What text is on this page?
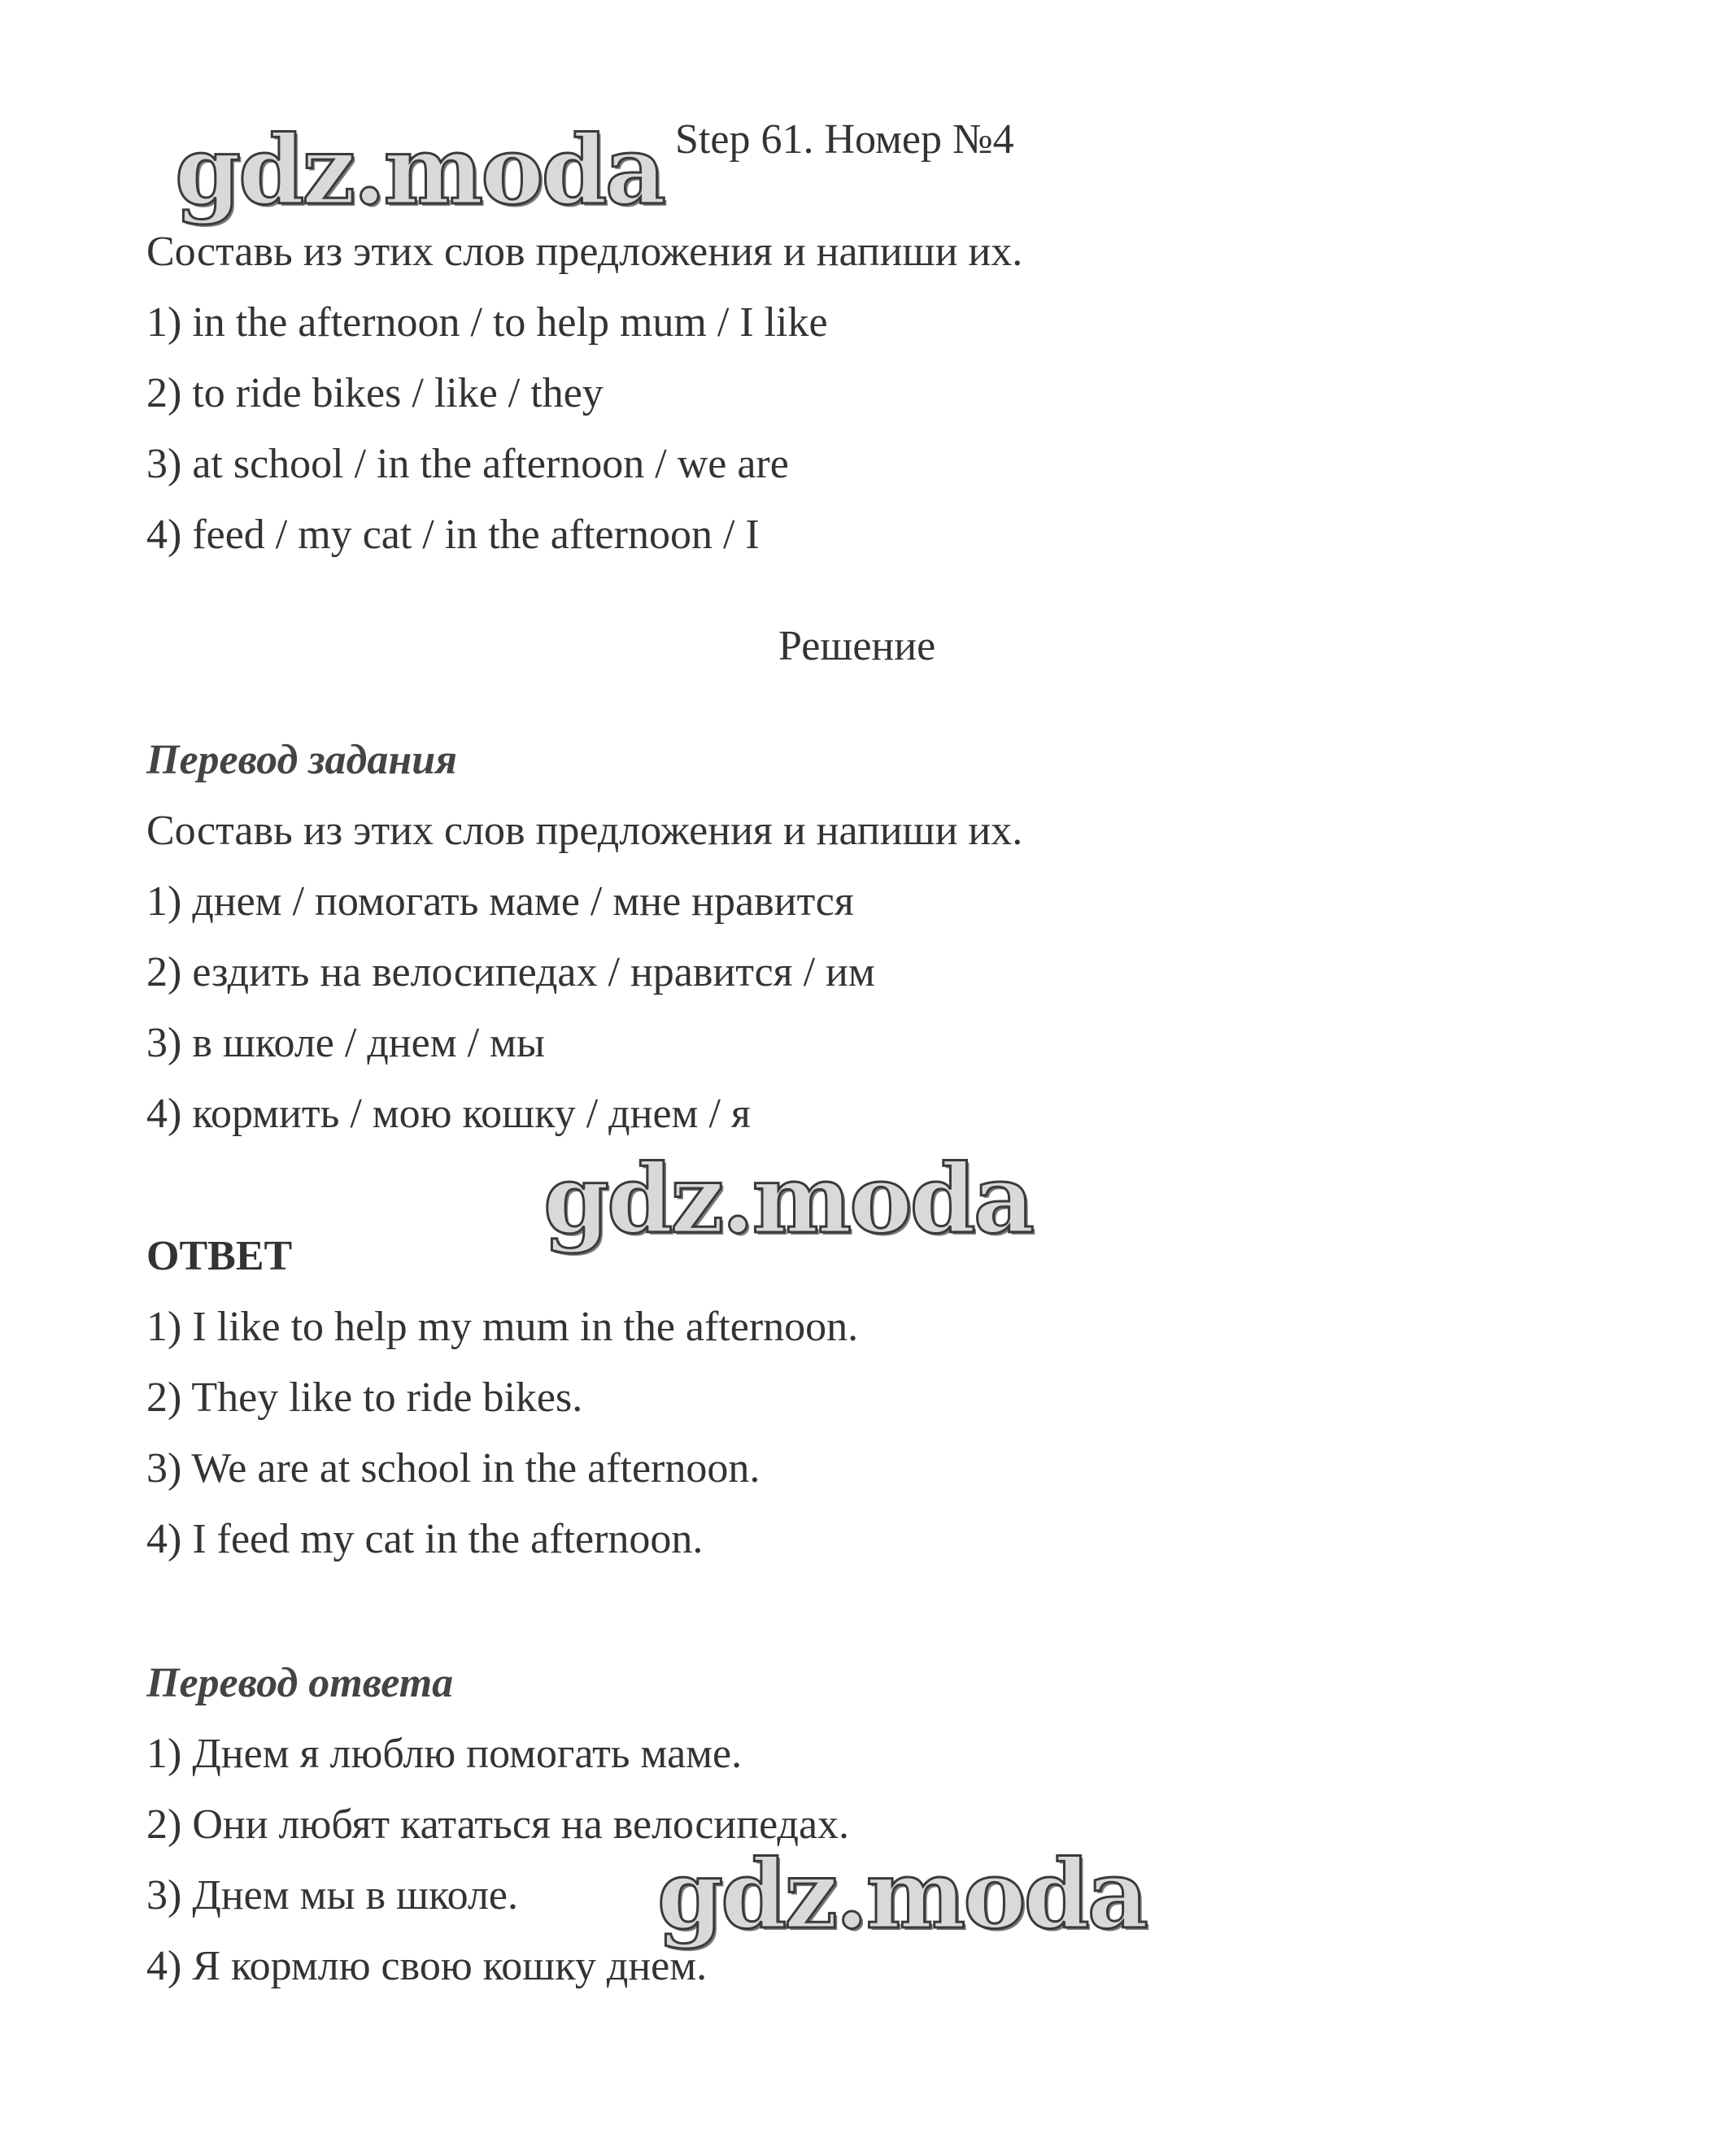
Step 61. Номер №4
gdz.moda
Составь из этих слов предложения и напиши их.
1) in the afternoon / to help mum / I like
2) to ride bikes / like / they
3) at school / in the afternoon / we are
4) feed / my cat / in the afternoon / I
Решение
Перевод задания
Составь из этих слов предложения и напиши их.
1) днем / помогать маме / мне нравится
2) ездить на велосипедах / нравится / им
3) в школе / днем / мы
4) кормить / мою кошку / днем / я
gdz.moda
ОТВЕТ
1) I like to help my mum in the afternoon.
2) They like to ride bikes.
3) We are at school in the afternoon.
4) I feed my cat in the afternoon.
Перевод ответа
1) Днем я люблю помогать маме.
2) Они любят кататься на велосипедах.
3) Днем мы в школе.
4) Я кормлю свою кошку днем.
gdz.moda
